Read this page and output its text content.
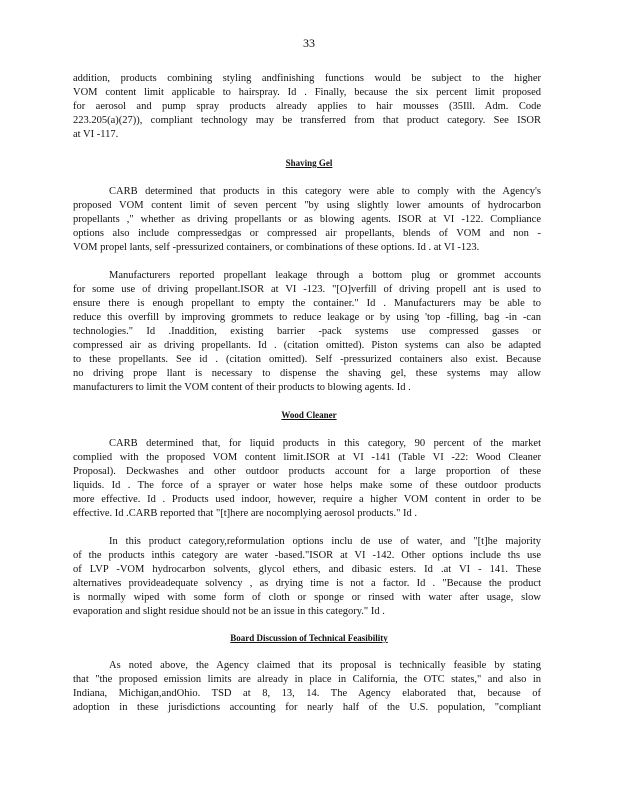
33
addition, products combining styling andfinishing functions would be subject to the higher
VOM content limit applicable to hairspray. Id . Finally, because the six percent limit proposed
for aerosol and pump spray products already applies to hair mousses (35Ill. Adm. Code
223.205(a)(27)), compliant technology may be transferred from that product category. See ISOR
at VI -117.
Shaving Gel
CARB determined that products in this category were able to comply with the Agency's
proposed VOM content limit of seven percent "by using slightly lower amounts of hydrocarbon
propellants ," whether as driving propellants or as blowing agents. ISOR at VI -122. Compliance
options also include compressedgas or compressed air propellants, blends of VOM and non -
VOM propel lants, self -pressurized containers, or combinations of these options. Id . at VI -123.
Manufacturers reported propellant leakage through a bottom plug or grommet accounts
for some use of driving propellant.ISOR at VI -123. "[O]verfill of driving propell ant is used to
ensure there is enough propellant to empty the container." Id . Manufacturers may be able to
reduce this overfill by improving grommets to reduce leakage or by using 'top -filling, bag -in -can
technologies." Id .Inaddition, existing barrier -pack systems use compressed gasses or
compressed air as driving propellants. Id . (citation omitted). Piston systems can also be adapted
to these propellants. See id . (citation omitted). Self -pressurized containers also exist. Because
no driving prope llant is necessary to dispense the shaving gel, these systems may allow
manufacturers to limit the VOM content of their products to blowing agents. Id .
Wood Cleaner
CARB determined that, for liquid products in this category, 90 percent of the market
complied with the proposed VOM content limit.ISOR at VI -141 (Table VI -22: Wood Cleaner
Proposal). Deckwashes and other outdoor products account for a large proportion of these
liquids. Id . The force of a sprayer or water hose helps make some of these outdoor products
more effective. Id . Products used indoor, however, require a higher VOM content in order to be
effective. Id .CARB reported that "[t]here are nocomplying aerosol products." Id .
In this product category,reformulation options inclu de use of water, and "[t]he majority
of the products inthis category are water -based."ISOR at VI -142. Other options include ths use
of LVP -VOM hydrocarbon solvents, glycol ethers, and dibasic esters. Id .at VI - 141. These
alternatives provideadequate solvency , as drying time is not a factor. Id . "Because the product
is normally wiped with some form of cloth or sponge or rinsed with water after usage, slow
evaporation and slight residue should not be an issue in this category." Id .
Board Discussion of Technical Feasibility
As noted above, the Agency claimed that its proposal is technically feasible by stating
that "the proposed emission limits are already in place in California, the OTC states," and also in
Indiana, Michigan,andOhio. TSD at 8, 13, 14. The Agency elaborated that, because of
adoption in these jurisdictions accounting for nearly half of the U.S. population, "compliant
